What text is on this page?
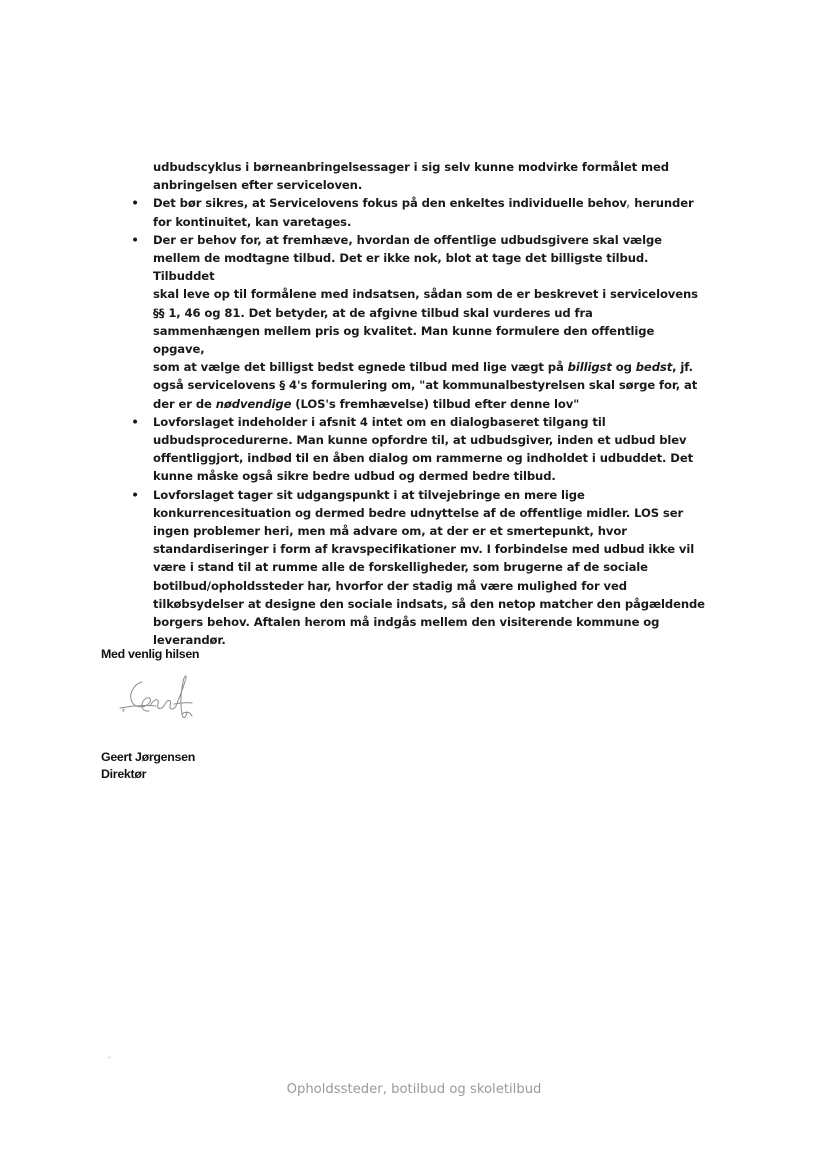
udbudscyklus i børneanbringelsessager i sig selv kunne modvirke formålet med
anbringelsen efter serviceloven.

• Det bør sikres, at Servicelovens fokus på den enkeltes individuelle behov, herunder
for kontinuitet, kan varetages.
• Der er behov for, at fremhæve, hvordan de offentlige udbudsgivere skal vælge
mellem de modtagne tilbud. Det er ikke nok, blot at tage det billigste tilbud. Tilbuddet
skal leve op til formålene med indsatsen, sådan som de er beskrevet i servicelovens
§§ 1, 46 og 81. Det betyder, at de afgivne tilbud skal vurderes ud fra
sammenhængen mellem pris og kvalitet. Man kunne formulere den offentlige opgave,
som at vælge det billigst bedst egnede tilbud med lige vægt på billigst og bedst, jf.
også servicelovens § 4's formulering om, "at kommunalbestyrelsen skal sørge for, at
der er de nødvendige (LOS's fremhævelse) tilbud efter denne lov"
• Lovforslaget indeholder i afsnit 4 intet om en dialogbaseret tilgang til
udbudsprocedurerne. Man kunne opfordre til, at udbudsgiver, inden et udbud blev
offentliggjort, indbød til en åben dialog om rammerne og indholdet i udbuddet. Det
kunne måske også sikre bedre udbud og dermed bedre tilbud.
• Lovforslaget tager sit udgangspunkt i at tilvejebringe en mere lige
konkurrencesituation og dermed bedre udnyttelse af de offentlige midler. LOS ser
ingen problemer heri, men må advare om, at der er et smertepunkt, hvor
standardiseringer i form af kravspecifikationer mv. I forbindelse med udbud ikke vil
være i stand til at rumme alle de forskelligheder, som brugerne af de sociale
botilbud/opholdssteder har, hvorfor der stadig må være mulighed for ved
tilkøbsydelser at designe den sociale indsats, så den netop matcher den pågældende
borgers behov. Aftalen herom må indgås mellem den visiterende kommune og
leverandør.
Med venlig hilsen
Geert Jørgensen
Direktør
Opholdssteder, botilbud og skoletilbud
